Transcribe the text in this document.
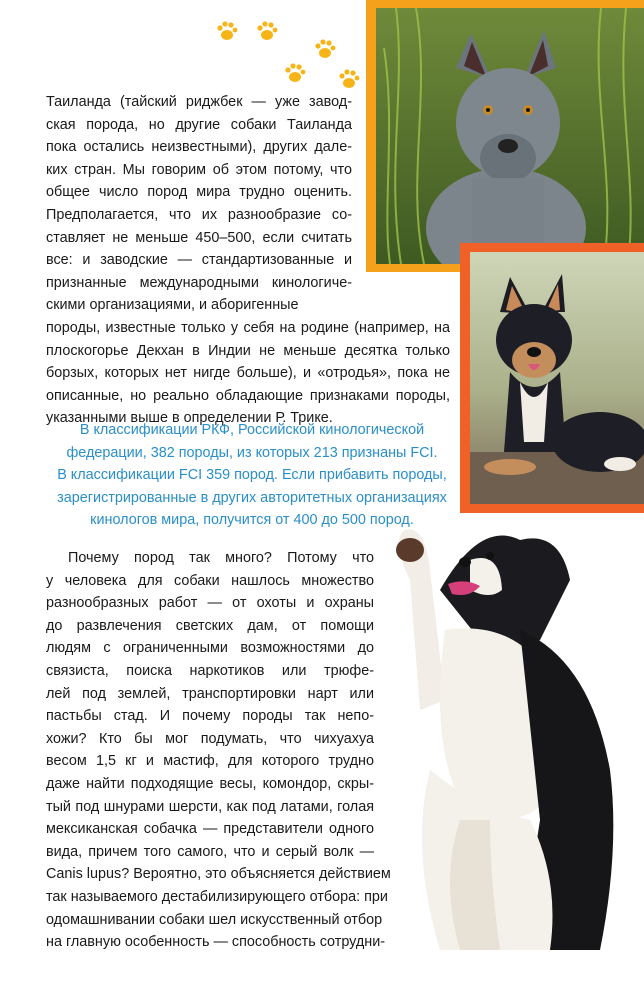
Таиланда (тайский риджбек — уже завод-
ская порода, но другие собаки Таиланда
пока остались неизвестными), другиx далe-
ких стран. Мы говорим об этом потому, что
общее число пород мира трудно оценить.
Предполагается, что их разнообразие со-
ставляет не меньше 450–500, если считать
все: и заводские — стандартизованные и
признанные международными кинологиче-
скими организациями, и аборигенные
породы, известные только у себя на родине (например, на
плоскогорье Декхан в Индии не меньше десятка только
борзых, которых нет нигде больше), и «отродья», пока не
описанные, но реально обладающие признаками породы,
указанными выше в определении Р. Трике.
В классификации РКФ, Российской кинологической
федерации, 382 породы, из которых 213 признаны FCI.
В классификации FCI 359 пород. Если прибавить породы,
зарегистрированные в других авторитетных организациях
кинологов мира, получится от 400 до 500 пород.
Почему пород так много? Потому что
у человека для собаки нашлось множество
разнообразных работ — от охоты и охраны
до развлечения светских дам, от помощи
людям с ограниченными возможностями до
связиста, поиска наркотиков или трюфе-
лей под землей, транспортировки нарт или
пастьбы стад. И почему породы так непо-
хожи? Кто бы мог подумать, что чихуахуа
весом 1,5 кг и мастиф, для которого трудно
даже найти подходящие весы, комондор, скры-
тый под шнурами шерсти, как под латами, голая
мексиканская собачка — представители одного
вида, причем того самого, что и серый волк —
Canis lupus? Вероятно, это объясняется действием
так называемого дестабилизирующего отбора: при
одомашнивании собаки шел искусственный отбор
на главную особенность — способность сотрудни-
